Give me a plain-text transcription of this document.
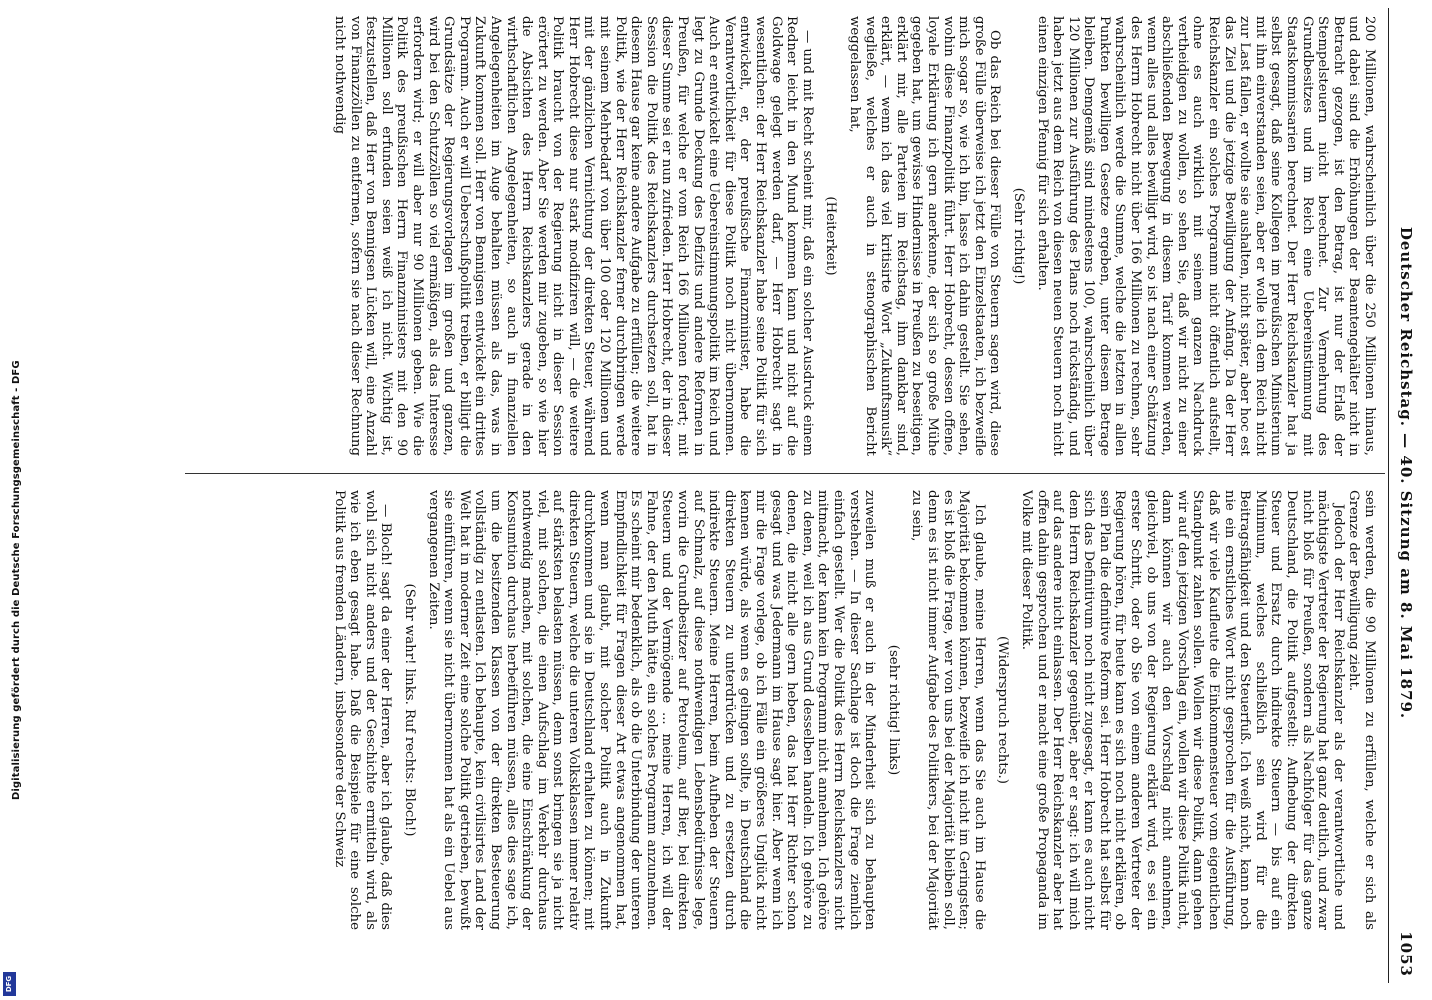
Digitalisierung gefördert durch die Deutsche Forschungsgemeinschaft - DFG
DFG
Deutscher Reichstag. — 40. Sitzung am 8. Mai 1879.
1053

200 Millionen, wahrscheinlich über die 250 Millionen hinaus, und dabei sind die Erhöhungen der Beamtengehälter nicht in Betracht gezogen, ist den Betrag, ist nur der Erlaß der Stempelsteuern nicht berechnet. Zur Vermehrung des Grundbesitzes und im Reich eine Uebereinstimmung mit Staatskommissarien berechnet. Der Herr Reichskanzler hat ja selbst gesagt, daß seine Kollegen im preußischen Ministerium mit ihm einverstanden seien, aber er wolle ich dem Reich nicht zur Last fallen, er wollte sie aushalten, nicht später, aber hoc est das Ziel und die jetzige Bewilligung der Anfang. Da der Herr Reichskanzler ein solches Programm nicht öffentlich aufstellt, ohne es auch wirklich mit seinem ganzen Nachdruck vertheidigen zu wollen, so sehen Sie, daß wir nicht zu einer abschließenden Bewegung in diesem Tarif kommen werden, wenn alles und alles bewilligt wird, so ist nach einer Schätzung des Herrn Hobrecht nicht über 166 Millionen zu rechnen, sehr wahrscheinlich werde die Summe, welche die letzten in allen Punkten bewilligen Gesetze ergeben, unter diesem Betrage bleiben. Demgemäß sind mindestens 100, wahrscheinlich über 120 Millionen zur Ausführung des Plans noch rückständig, und haben jetzt aus dem Reich von diesen neuen Steuern noch nicht einen einzigen Pfennig für sich erhalten.

(Sehr richtig!)

Ob das Reich bei dieser Fülle von Steuern sagen wird, diese große Fülle überweise ich jetzt den Einzelstaaten, ich bezweifle mich sogar so, wie ich bin, lasse ich dahin gestellt. Sie sehen, wohin diese Finanzpolitik führt. Herr Hobrecht, dessen offene, loyale Erklärung ich gern anerkenne, der sich so große Mühe gegeben hat, um gewisse Hindernisse in Preußen zu beseitigen, erklärt mir, alle Parteien im Reichstag, ihm dankbar sind, erklärt, — wenn ich das viel kritisirte Wort „Zukunftsmusik“ wegließe, welches er auch in stenographischen Bericht weggelassen hat,

(Heiterkeit)

— und mit Recht scheint mir, daß ein solcher Ausdruck einem Redner leicht in den Mund kommen kann und nicht auf die Goldwage gelegt werden darf, — Herr Hobrecht sagt in wesentlichen: der Herr Reichskanzler habe seine Politik für sich entwickelt, er, der preußische Finanzminister, habe die Verantwortlichkeit für diese Politik noch nicht übernommen. Auch er entwickelt eine Uebereinstimmungspolitik im Reich und legt zu Grunde Deckung des Defizits und andere Reformen in Preußen, für welche er vom Reich 166 Millionen fordert; mit dieser Summe sei er nun zufrieden. Herr Hobrecht, der in dieser Session die Politik des Reichskanzlers durchsetzen soll, hat in diesem Hause gar keine andere Aufgabe zu erfüllen; die weitere Politik, wie der Herr Reichskanzler ferner durchbringen werde mit seinem Mehrbedarf von über 100 oder 120 Millionen und mit der gänzlichen Vernichtung der direkten Steuer, während Herr Hobrecht diese nur stark modifiziren will, — die weitere Politik braucht von der Regierung nicht in dieser Session erörtert zu werden. Aber Sie werden mir zugeben, so wie hier die Absichten des Herrn Reichskanzlers gerade in den wirthschaftlichen Angelegenheiten, so auch in finanziellen Angelegenheiten im Auge behalten müssen als das, was in Zukunft kommen soll. Herr von Bennigsen entwickelt ein drittes Programm. Auch er will Ueberschußpolitik treiben, er billigt die Grundsätze der Regierungsvorlagen im großen und ganzen, wird bei den Schutzzöllen so viel ermäßigen, als das Interesse erfordern wird; er will aber nur 90 Millionen geben. Wie die Politik des preußischen Herrn Finanzministers mit den 90 Millionen soll erfunden seien weiß ich nicht. Wichtig ist, festzustellen, daß Herr von Bennigsen Lücken will, eine Anzahl von Finanzzöllen zu entfernen, sofern sie nach dieser Rechnung nicht nothwendig

sein werden, die 90 Millionen zu erfüllen, welche er sich als Grenze der Bewilligung zieht.

Jedoch der Herr Reichskanzler als der verantwortliche und mächtigste Vertreter der Regierung hat ganz deutlich, und zwar nicht bloß für Preußen, sondern als Nachfolger für das ganze Deutschland, die Politik aufgestellt: Aufhebung der direkten Steuer und Ersatz durch indirekte Steuern — bis auf ein Minimum, welches schließlich sein wird für die Beitragsfähigkeit und den Steuerfuß. Ich weiß nicht, kann noch nie ein ernstliches Wort nicht gesprochen für die Ausführung, daß wir viele Kaufleute die Einkommensteuer vom eigentlichen Standpunkt zahlen sollen. Wollen wir diese Politik, dann gehen wir auf den jetzigen Vorschlag ein, wollen wir diese Politik nicht, dann können wir auch den Vorschlag nicht annehmen, gleichviel, ob uns von der Regierung erklärt wird, es sei ein erster Schritt, oder ob Sie von einem anderen Vertreter der Regierung hören, für heute kann es sich noch nicht erklären, ob sein Plan die definitive Reform sei. Herr Hobrecht hat selbst für sich das Definitivum noch nicht zugesagt, er kann es auch nicht dem Herrn Reichskanzler gegenüber, aber er sagt: ich will mich auf das andere nicht einlassen. Der Herr Reichskanzler aber hat offen dahin gesprochen und er macht eine große Propaganda im Volke mit dieser Politik.

(Widerspruch rechts.)

Ich glaube, meine Herren, wenn das Sie auch im Hause die Majorität bekommen können, bezweifle ich nicht im Geringsten; es ist bloß die Frage, wer von uns bei der Majorität bleiben soll, denn es ist nicht immer Aufgabe des Politikers, bei der Majorität zu sein,

(sehr richtig! links)

zuweilen muß er auch in der Minderheit sich zu behaupten verstehen. — In dieser Sachlage ist doch die Frage ziemlich einfach gestellt. Wer die Politik des Herrn Reichskanzlers nicht mitmacht, der kann kein Programm nicht annehmen. Ich gehöre zu denen, weil ich aus Grund desselben handeln. Ich gehöre zu denen, die nicht alle gern heben, das hat Herr Richter schon gesagt und was Jedermann im Hause sagt hier. Aber wenn ich mir die Frage vorlege, ob ich Fälle ein größeres Unglück nicht kennen würde, als wenn es gelingen sollte, in Deutschland die direkten Steuern zu unterdrücken und zu ersetzen durch indirekte Steuern. Meine Herren, beim Aufheben der Steuern auf Schmalz, auf diese nothwendigen Lebensbedürfnisse lege, worin die Grundbesitzer auf Petroleum, auf Bier, bei direkten Steuern und der Vermögende ... meine Herren, ich will der Fahne, der den Muth hätte, ein solches Programm anzunehmen. Es scheint mir bedenklich, als ob die Unterbindung der unteren Empfindlichkeit für Fragen dieser Art etwas angenommen hat, wenn man glaubt, mit solcher Politik auch in Zukunft durchkommen und sie in Deutschland erhalten zu können; mit direkten Steuern, welche die unteren Volksklassen immer relativ auf stärksten belasten müssen, denn sonst bringen sie ja nicht viel, mit solchen, die einen Aufschlag im Verkehr durchaus nothwendig machen, mit solchen, die eine Einschränkung der Konsumtion durchaus herbeiführen müssen, alles dies sage ich, um die besitzenden Klassen von der direkten Besteuerung vollständig zu entlasten. Ich behaupte, kein civilisirtes Land der Welt hat in moderner Zeit eine solche Politik getrieben, bewußt sie einführen, wenn sie nicht übernommen hat als ein Uebel aus vergangenen Zeiten.

(Sehr wahr! links. Ruf rechts: Bloch!)

— Bloch! sagt da einer der Herren, aber ich glaube, daß dies wohl sich nicht anders und der Geschichte ermitteln wird, als wie ich eben gesagt habe. Daß die Beispiele für eine solche Politik aus fremden Ländern, insbesondere der Schweiz
